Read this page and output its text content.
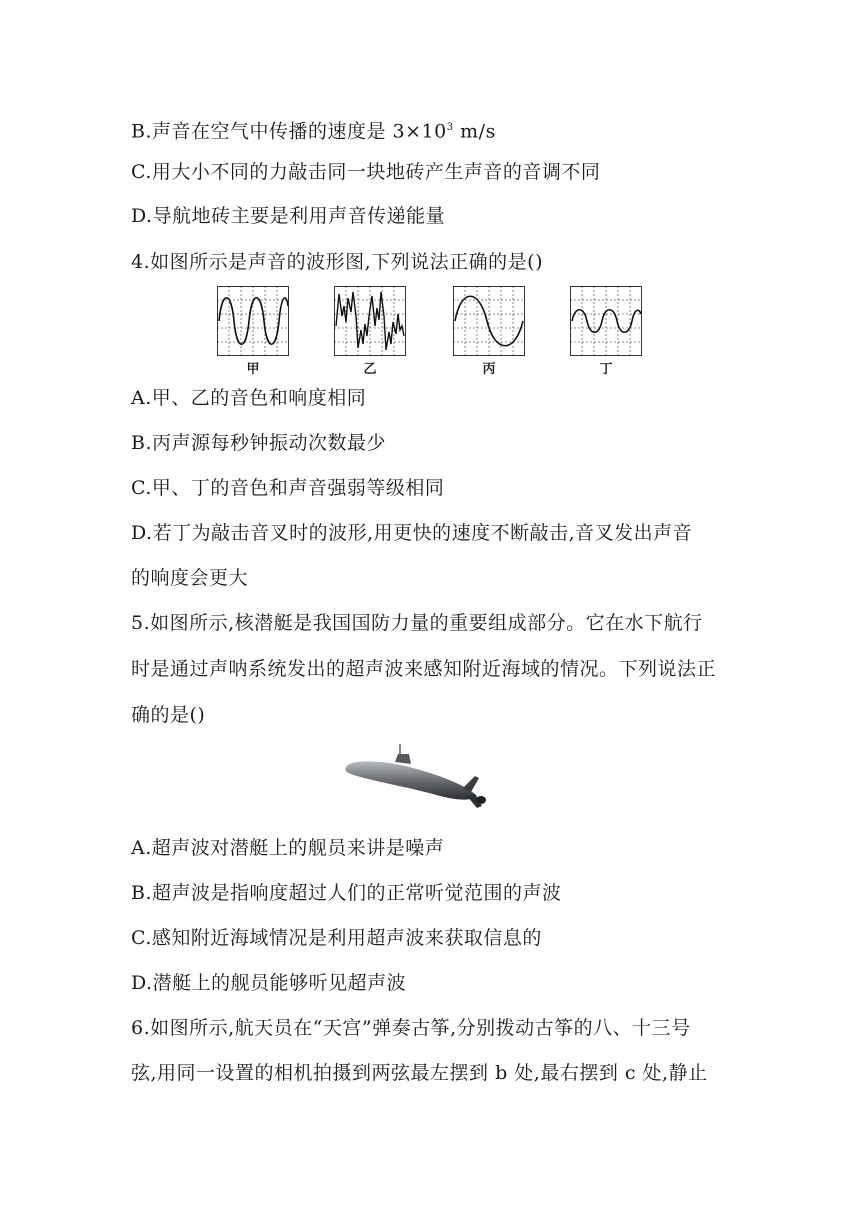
B.声音在空气中传播的速度是 $3\times 10^3$ m/s

C.用大小不同的力敲击同一块地砖产生声音的音调不同

D.导航地砖主要是利用声音传递能量

4.如图所示是声音的波形图,下列说法正确的是()

甲	乙	丙	丁

A.甲、乙的音色和响度相同

B.丙声源每秒钟振动次数最少

C.甲、丁的音色和声音强弱等级相同

D.若丁为敲击音叉时的波形,用更快的速度不断敲击,音叉发出声音

的响度会更大

5.如图所示,核潜艇是我国国防力量的重要组成部分。它在水下航行

时是通过声呐系统发出的超声波来感知附近海域的情况。下列说法正

确的是()

A.超声波对潜艇上的舰员来讲是噪声

B.超声波是指响度超过人们的正常听觉范围的声波

C.感知附近海域情况是利用超声波来获取信息的

D.潜艇上的舰员能够听见超声波

6.如图所示,航天员在“天宫”弹奏古筝,分别拨动古筝的八、十三号

弦,用同一设置的相机拍摄到两弦最左摆到 b 处,最右摆到 c 处,静止
